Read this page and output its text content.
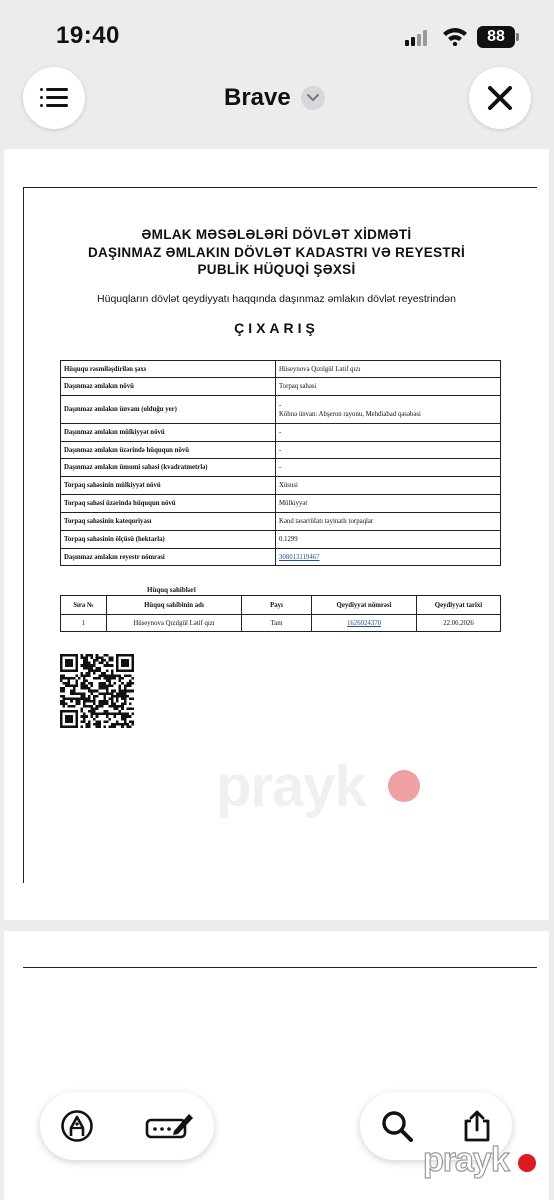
19:40	88
Brave
ƏMLAK MƏSƏLƏLƏRİ DÖVLƏT XİDMƏTİ
DAŞINMAZ ƏMLAKIN DÖVLƏT KADASTRI VƏ REYESTRİ
PUBLİK HÜQUQİ ŞƏXSİ
Hüquqların dövlət qeydiyyatı haqqında daşınmaz əmlakın dövlət reyestrindən
ÇIXARIŞ
Hüququ rəsmiləşdirilən şəxs	Hüseynova Qızılgül Lətif qızı
Daşınmaz əmlakın növü	Torpaq sahəsi
Daşınmaz əmlakın ünvanı (olduğu yer)	-
Köhnə ünvan: Abşeron rayonu, Mehdiabad qəsəbəsi

Daşınmaz əmlakın mülkiyyət növü	-
Daşınmaz əmlakın üzərində hüququn növü	-
Daşınmaz əmlakın ümumi sahəsi (kvadratmetrlə)	-
Torpaq sahəsinin mülkiyyət növü	Xüsusi
Torpaq sahəsi üzərində hüququn növü	Mülkiyyət
Torpaq sahəsinin kateqoriyası	Kənd təsərrüfatı təyinatlı torpaqlar
Torpaq sahəsinin ölçüsü (hektarla)	0.1299
Daşınmaz əmlakın reyestr nömrəsi	308013119467
Hüquq sahibləri
Sıra №	Hüquq sahibinin adı	Payı	Qeydiyyat nömrəsi	Qeydiyyat tarixi
1	Hüseynova Qızılgül Lətif qızı	Tam	1626024370	22.06.2026
prayk
prayk
